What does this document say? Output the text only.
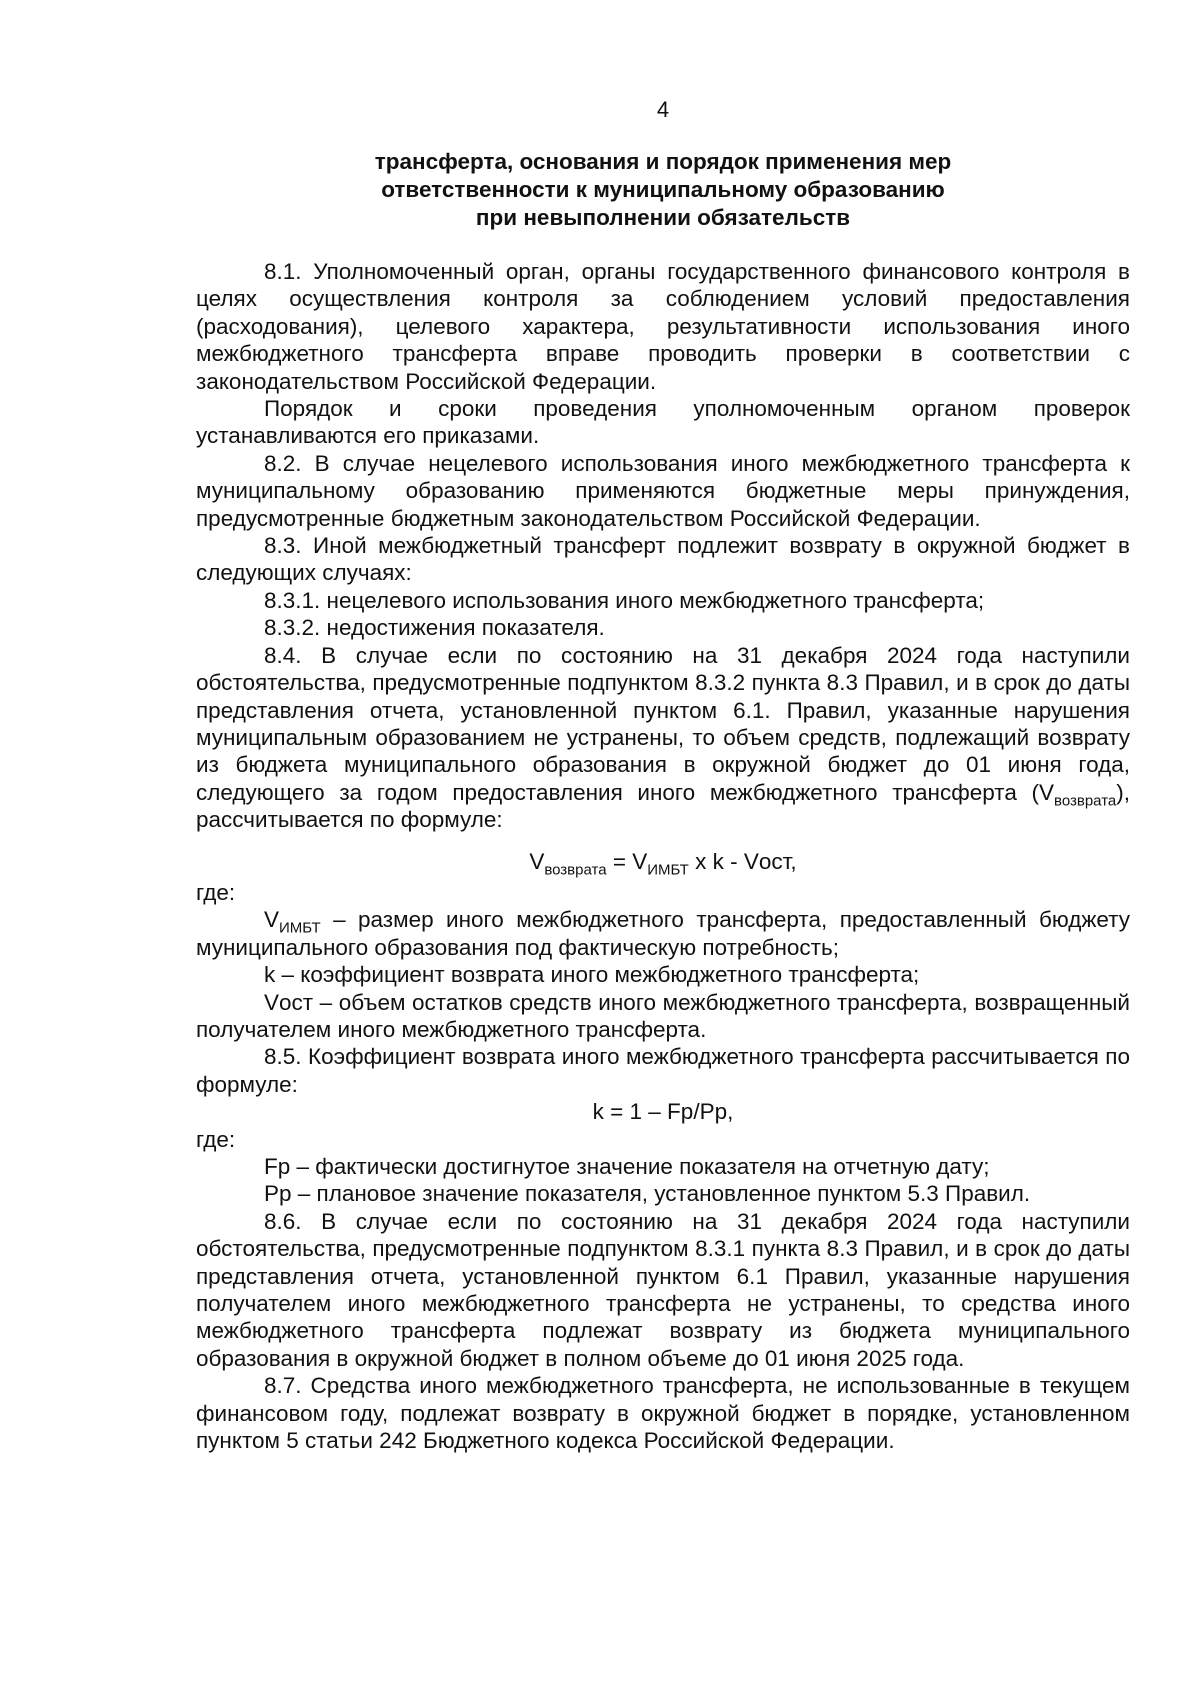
4
трансферта, основания и порядок применения мер
ответственности к муниципальному образованию
при невыполнении обязательств

8.1. Уполномоченный орган, органы государственного финансового контроля в целях осуществления контроля за соблюдением условий предоставления (расходования), целевого характера, результативности использования иного межбюджетного трансферта вправе проводить проверки в соответствии с законодательством Российской Федерации.

Порядок и сроки проведения уполномоченным органом проверок устанавливаются его приказами.

8.2. В случае нецелевого использования иного межбюджетного трансферта к муниципальному образованию применяются бюджетные меры принуждения, предусмотренные бюджетным законодательством Российской Федерации.

8.3. Иной межбюджетный трансферт подлежит возврату в окружной бюджет в следующих случаях:

8.3.1. нецелевого использования иного межбюджетного трансферта;

8.3.2. недостижения показателя.

8.4. В случае если по состоянию на 31 декабря 2024 года наступили обстоятельства, предусмотренные подпунктом 8.3.2 пункта 8.3 Правил, и в срок до даты представления отчета, установленной пунктом 6.1. Правил, указанные нарушения муниципальным образованием не устранены, то объем средств, подлежащий возврату из бюджета муниципального образования в окружной бюджет до 01 июня года, следующего за годом предоставления иного межбюджетного трансферта $(V_{возврата})$, рассчитывается по формуле:

$V_{возврата} = V_{ИМБТ}$ x k - Vост,

где:

$V_{ИМБТ}$ – размер иного межбюджетного трансферта, предоставленный бюджету муниципального образования под фактическую потребность;

k – коэффициент возврата иного межбюджетного трансферта;

Vост – объем остатков средств иного межбюджетного трансферта, возвращенный получателем иного межбюджетного трансферта.

8.5. Коэффициент возврата иного межбюджетного трансферта рассчитывается по формуле:

k = 1 – Fр/Pр,

где:

Fр – фактически достигнутое значение показателя на отчетную дату;

Pр – плановое значение показателя, установленное пунктом 5.3 Правил.

8.6. В случае если по состоянию на 31 декабря 2024 года наступили обстоятельства, предусмотренные подпунктом 8.3.1 пункта 8.3 Правил, и в срок до даты представления отчета, установленной пунктом 6.1 Правил, указанные нарушения получателем иного межбюджетного трансферта не устранены, то средства иного межбюджетного трансферта подлежат возврату из бюджета муниципального образования в окружной бюджет в полном объеме до 01 июня 2025 года.

8.7. Средства иного межбюджетного трансферта, не использованные в текущем финансовом году, подлежат возврату в окружной бюджет в порядке, установленном пунктом 5 статьи 242 Бюджетного кодекса Российской Федерации.
